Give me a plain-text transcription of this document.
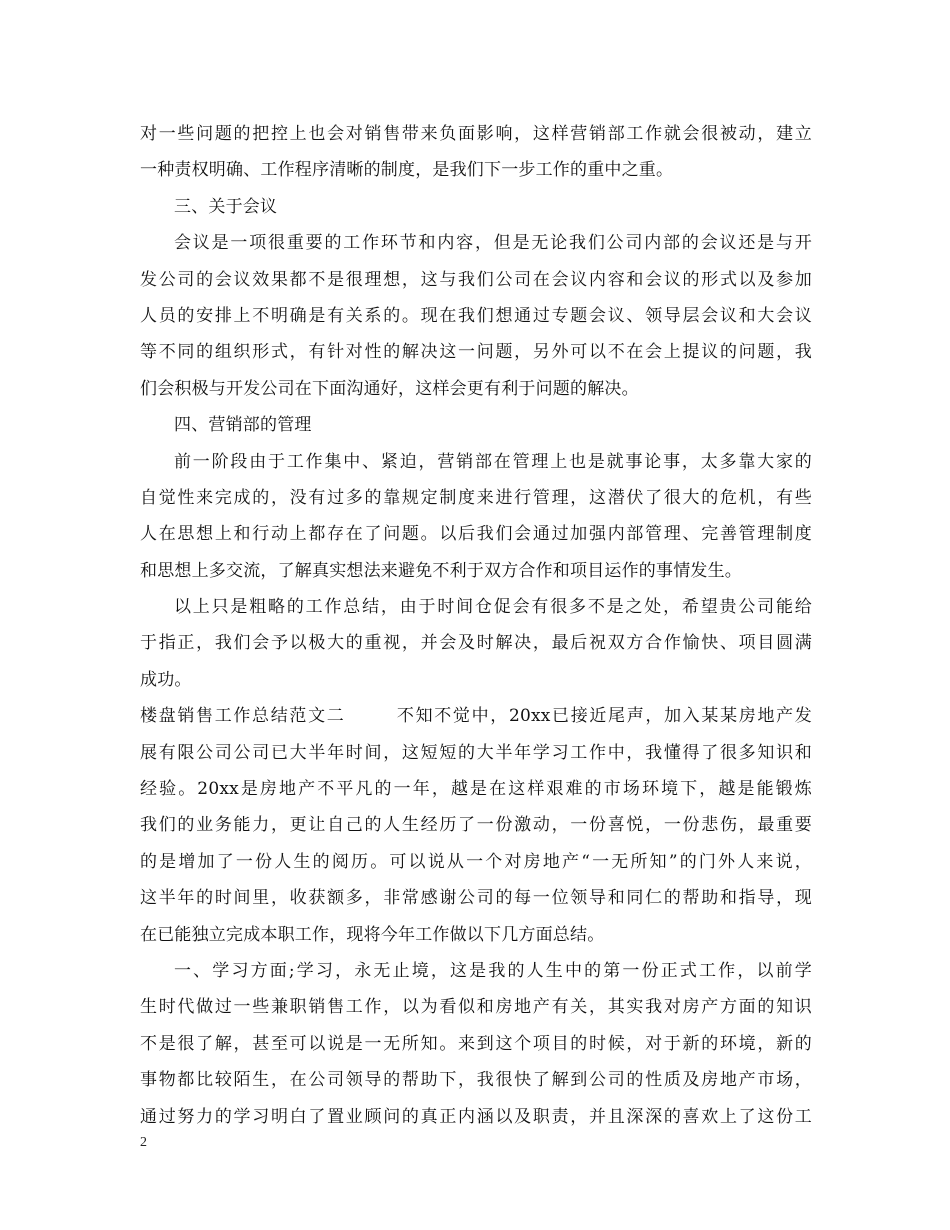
对一些问题的把控上也会对销售带来负面影响，这样营销部工作就会很被动，建立
一种责权明确、工作程序清晰的制度，是我们下一步工作的重中之重。
三、关于会议
会议是一项很重要的工作环节和内容，但是无论我们公司内部的会议还是与开
发公司的会议效果都不是很理想，这与我们公司在会议内容和会议的形式以及参加
人员的安排上不明确是有关系的。现在我们想通过专题会议、领导层会议和大会议
等不同的组织形式，有针对性的解决这一问题，另外可以不在会上提议的问题，我
们会积极与开发公司在下面沟通好，这样会更有利于问题的解决。
四、营销部的管理
前一阶段由于工作集中、紧迫，营销部在管理上也是就事论事，太多靠大家的
自觉性来完成的，没有过多的靠规定制度来进行管理，这潜伏了很大的危机，有些
人在思想上和行动上都存在了问题。以后我们会通过加强内部管理、完善管理制度
和思想上多交流，了解真实想法来避免不利于双方合作和项目运作的事情发生。
以上只是粗略的工作总结，由于时间仓促会有很多不是之处，希望贵公司能给
于指正，我们会予以极大的重视，并会及时解决，最后祝双方合作愉快、项目圆满
成功。
楼盘销售工作总结范文二	不知不觉中，20xx已接近尾声，加入某某房地产发
展有限公司公司已大半年时间，这短短的大半年学习工作中，我懂得了很多知识和
经验。20xx是房地产不平凡的一年，越是在这样艰难的市场环境下，越是能锻炼
我们的业务能力，更让自己的人生经历了一份激动，一份喜悦，一份悲伤，最重要
的是增加了一份人生的阅历。可以说从一个对房地产“一无所知”的门外人来说，
这半年的时间里，收获额多，非常感谢公司的每一位领导和同仁的帮助和指导，现
在已能独立完成本职工作，现将今年工作做以下几方面总结。
一、学习方面;学习，永无止境，这是我的人生中的第一份正式工作，以前学
生时代做过一些兼职销售工作，以为看似和房地产有关，其实我对房产方面的知识
不是很了解，甚至可以说是一无所知。来到这个项目的时候，对于新的环境，新的
事物都比较陌生，在公司领导的帮助下，我很快了解到公司的性质及房地产市场，
通过努力的学习明白了置业顾问的真正内涵以及职责，并且深深的喜欢上了这份工
2
